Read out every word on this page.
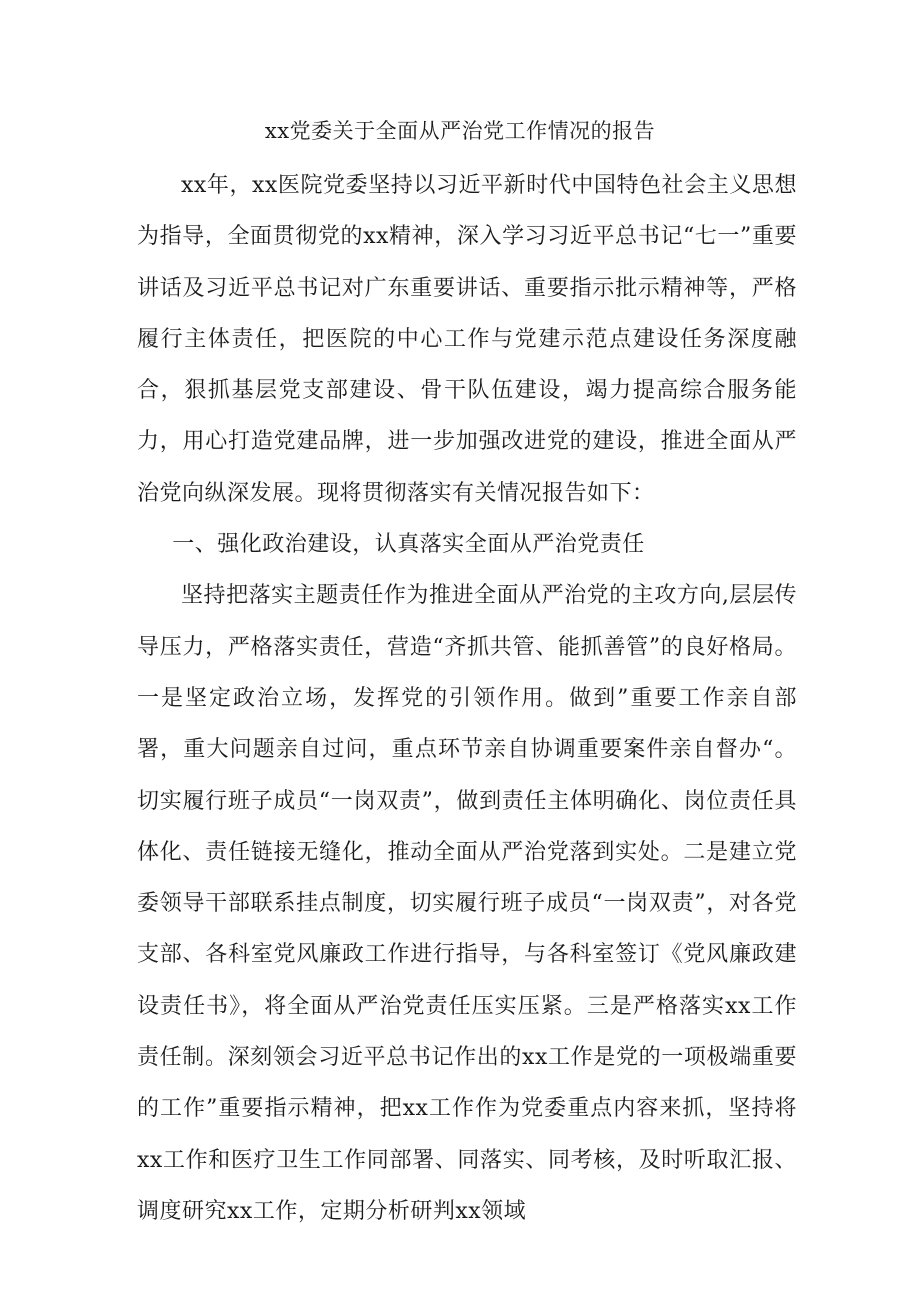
xx党委关于全面从严治党工作情况的报告

xx年，xx医院党委坚持以习近平新时代中国特色社会主义思想为指导，全面贯彻党的xx精神，深入学习习近平总书记“七一”重要讲话及习近平总书记对广东重要讲话、重要指示批示精神等，严格履行主体责任，把医院的中心工作与党建示范点建设任务深度融合，狠抓基层党支部建设、骨干队伍建设，竭力提高综合服务能力，用心打造党建品牌，进一步加强改进党的建设，推进全面从严治党向纵深发展。现将贯彻落实有关情况报告如下：

一、强化政治建设，认真落实全面从严治党责任

坚持把落实主题责任作为推进全面从严治党的主攻方向,层层传导压力，严格落实责任，营造“齐抓共管、能抓善管”的良好格局。一是坚定政治立场，发挥党的引领作用。做到”重要工作亲自部署，重大问题亲自过问，重点环节亲自协调重要案件亲自督办“。切实履行班子成员“一岗双责”，做到责任主体明确化、岗位责任具体化、责任链接无缝化，推动全面从严治党落到实处。二是建立党委领导干部联系挂点制度，切实履行班子成员“一岗双责”，对各党支部、各科室党风廉政工作进行指导，与各科室签订《党风廉政建设责任书》，将全面从严治党责任压实压紧。三是严格落实xx工作责任制。深刻领会习近平总书记作出的xx工作是党的一项极端重要的工作”重要指示精神，把xx工作作为党委重点内容来抓，坚持将xx工作和医疗卫生工作同部署、同落实、同考核，及时听取汇报、调度研究xx工作，定期分析研判xx领域
